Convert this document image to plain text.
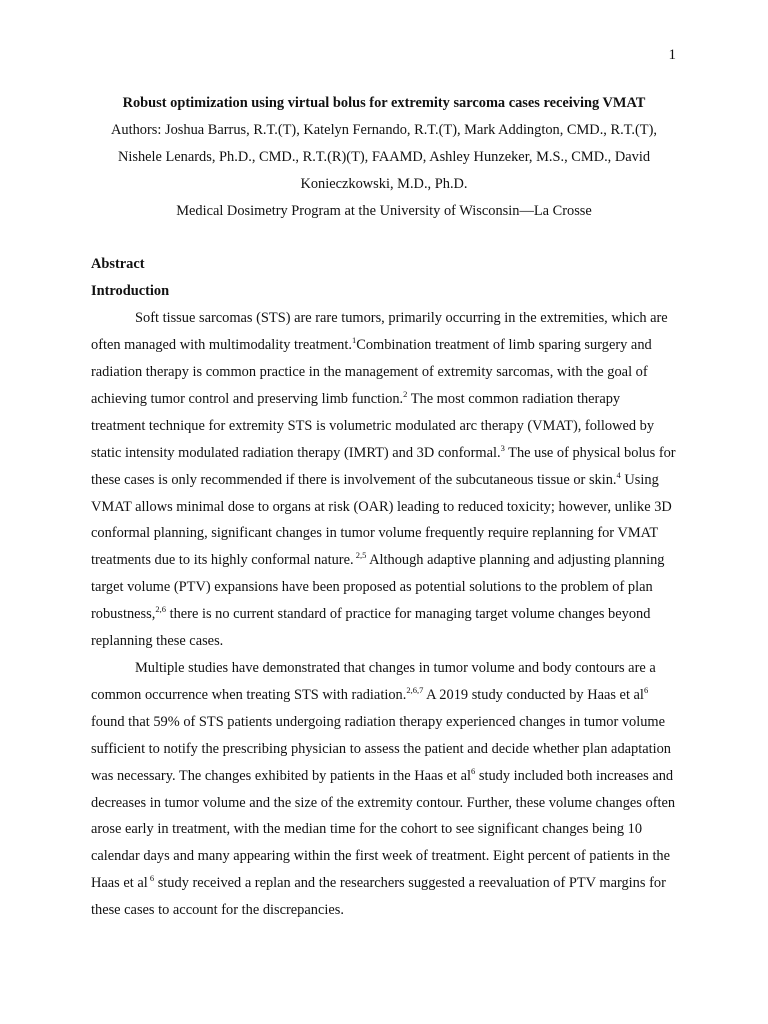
1

Robust optimization using virtual bolus for extremity sarcoma cases receiving VMAT

Authors: Joshua Barrus, R.T.(T), Katelyn Fernando, R.T.(T), Mark Addington, CMD., R.T.(T), Nishele Lenards, Ph.D., CMD., R.T.(R)(T), FAAMD, Ashley Hunzeker, M.S., CMD., David Konieczkowski, M.D., Ph.D.

Medical Dosimetry Program at the University of Wisconsin—La Crosse

Abstract

Introduction

Soft tissue sarcomas (STS) are rare tumors, primarily occurring in the extremities, which are often managed with multimodality treatment.$^1$Combination treatment of limb sparing surgery and radiation therapy is common practice in the management of extremity sarcomas, with the goal of achieving tumor control and preserving limb function.$^2$ The most common radiation therapy treatment technique for extremity STS is volumetric modulated arc therapy (VMAT), followed by static intensity modulated radiation therapy (IMRT) and 3D conformal.$^3$ The use of physical bolus for these cases is only recommended if there is involvement of the subcutaneous tissue or skin.$^4$ Using VMAT allows minimal dose to organs at risk (OAR) leading to reduced toxicity; however, unlike 3D conformal planning, significant changes in tumor volume frequently require replanning for VMAT treatments due to its highly conformal nature. $^{2,5}$ Although adaptive planning and adjusting planning target volume (PTV) expansions have been proposed as potential solutions to the problem of plan robustness,$^{2,6}$ there is no current standard of practice for managing target volume changes beyond replanning these cases.

Multiple studies have demonstrated that changes in tumor volume and body contours are a common occurrence when treating STS with radiation.$^{2,6,7}$ A 2019 study conducted by Haas et $al^6$ found that 59% of STS patients undergoing radiation therapy experienced changes in tumor volume sufficient to notify the prescribing physician to assess the patient and decide whether plan adaptation was necessary. The changes exhibited by patients in the Haas et $al^6$ study included both increases and decreases in tumor volume and the size of the extremity contour. Further, these volume changes often arose early in treatment, with the median time for the cohort to see significant changes being 10 calendar days and many appearing within the first week of treatment. Eight percent of patients in the Haas et al $^6$ study received a replan and the researchers suggested a reevaluation of PTV margins for these cases to account for the discrepancies.
